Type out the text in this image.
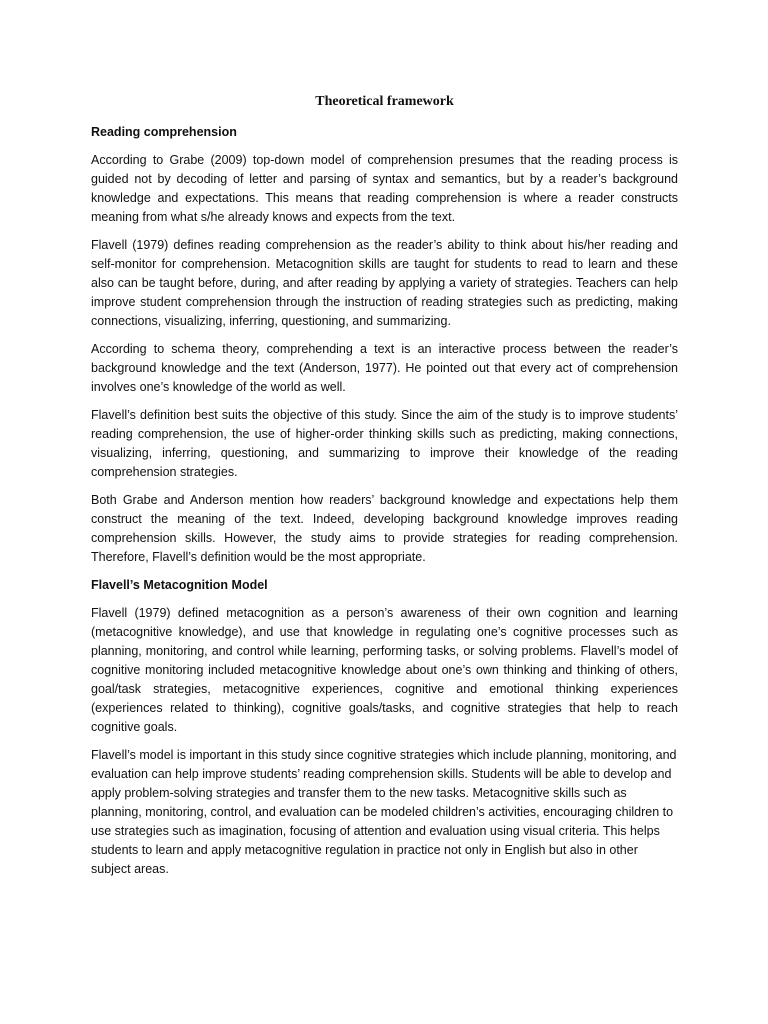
Theoretical framework
Reading comprehension

According to Grabe (2009) top-down model of comprehension presumes that the reading process is guided not by decoding of letter and parsing of syntax and semantics, but by a reader’s background knowledge and expectations. This means that reading comprehension is where a reader constructs meaning from what s/he already knows and expects from the text.

Flavell (1979) defines reading comprehension as the reader’s ability to think about his/her reading and self-monitor for comprehension. Metacognition skills are taught for students to read to learn and these also can be taught before, during, and after reading by applying a variety of strategies. Teachers can help improve student comprehension through the instruction of reading strategies such as predicting, making connections, visualizing, inferring, questioning, and summarizing.

According to schema theory, comprehending a text is an interactive process between the reader’s background knowledge and the text (Anderson, 1977). He pointed out that every act of comprehension involves one’s knowledge of the world as well.

Flavell’s definition best suits the objective of this study. Since the aim of the study is to improve students’ reading comprehension, the use of higher-order thinking skills such as predicting, making connections, visualizing, inferring, questioning, and summarizing to improve their knowledge of the reading comprehension strategies.

Both Grabe and Anderson mention how readers’ background knowledge and expectations help them construct the meaning of the text. Indeed, developing background knowledge improves reading comprehension skills. However, the study aims to provide strategies for reading comprehension. Therefore, Flavell’s definition would be the most appropriate.

Flavell’s Metacognition Model

Flavell (1979) defined metacognition as a person’s awareness of their own cognition and learning (metacognitive knowledge), and use that knowledge in regulating one’s cognitive processes such as planning, monitoring, and control while learning, performing tasks, or solving problems. Flavell’s model of cognitive monitoring included metacognitive knowledge about one’s own thinking and thinking of others, goal/task strategies, metacognitive experiences, cognitive and emotional thinking experiences (experiences related to thinking), cognitive goals/tasks, and cognitive strategies that help to reach cognitive goals.

Flavell’s model is important in this study since cognitive strategies which include planning, monitoring, and evaluation can help improve students’ reading comprehension skills. Students will be able to develop and apply problem-solving strategies and transfer them to the new tasks. Metacognitive skills such as planning, monitoring, control, and evaluation can be modeled children’s activities, encouraging children to use strategies such as imagination, focusing of attention and evaluation using visual criteria. This helps students to learn and apply metacognitive regulation in practice not only in English but also in other subject areas.
